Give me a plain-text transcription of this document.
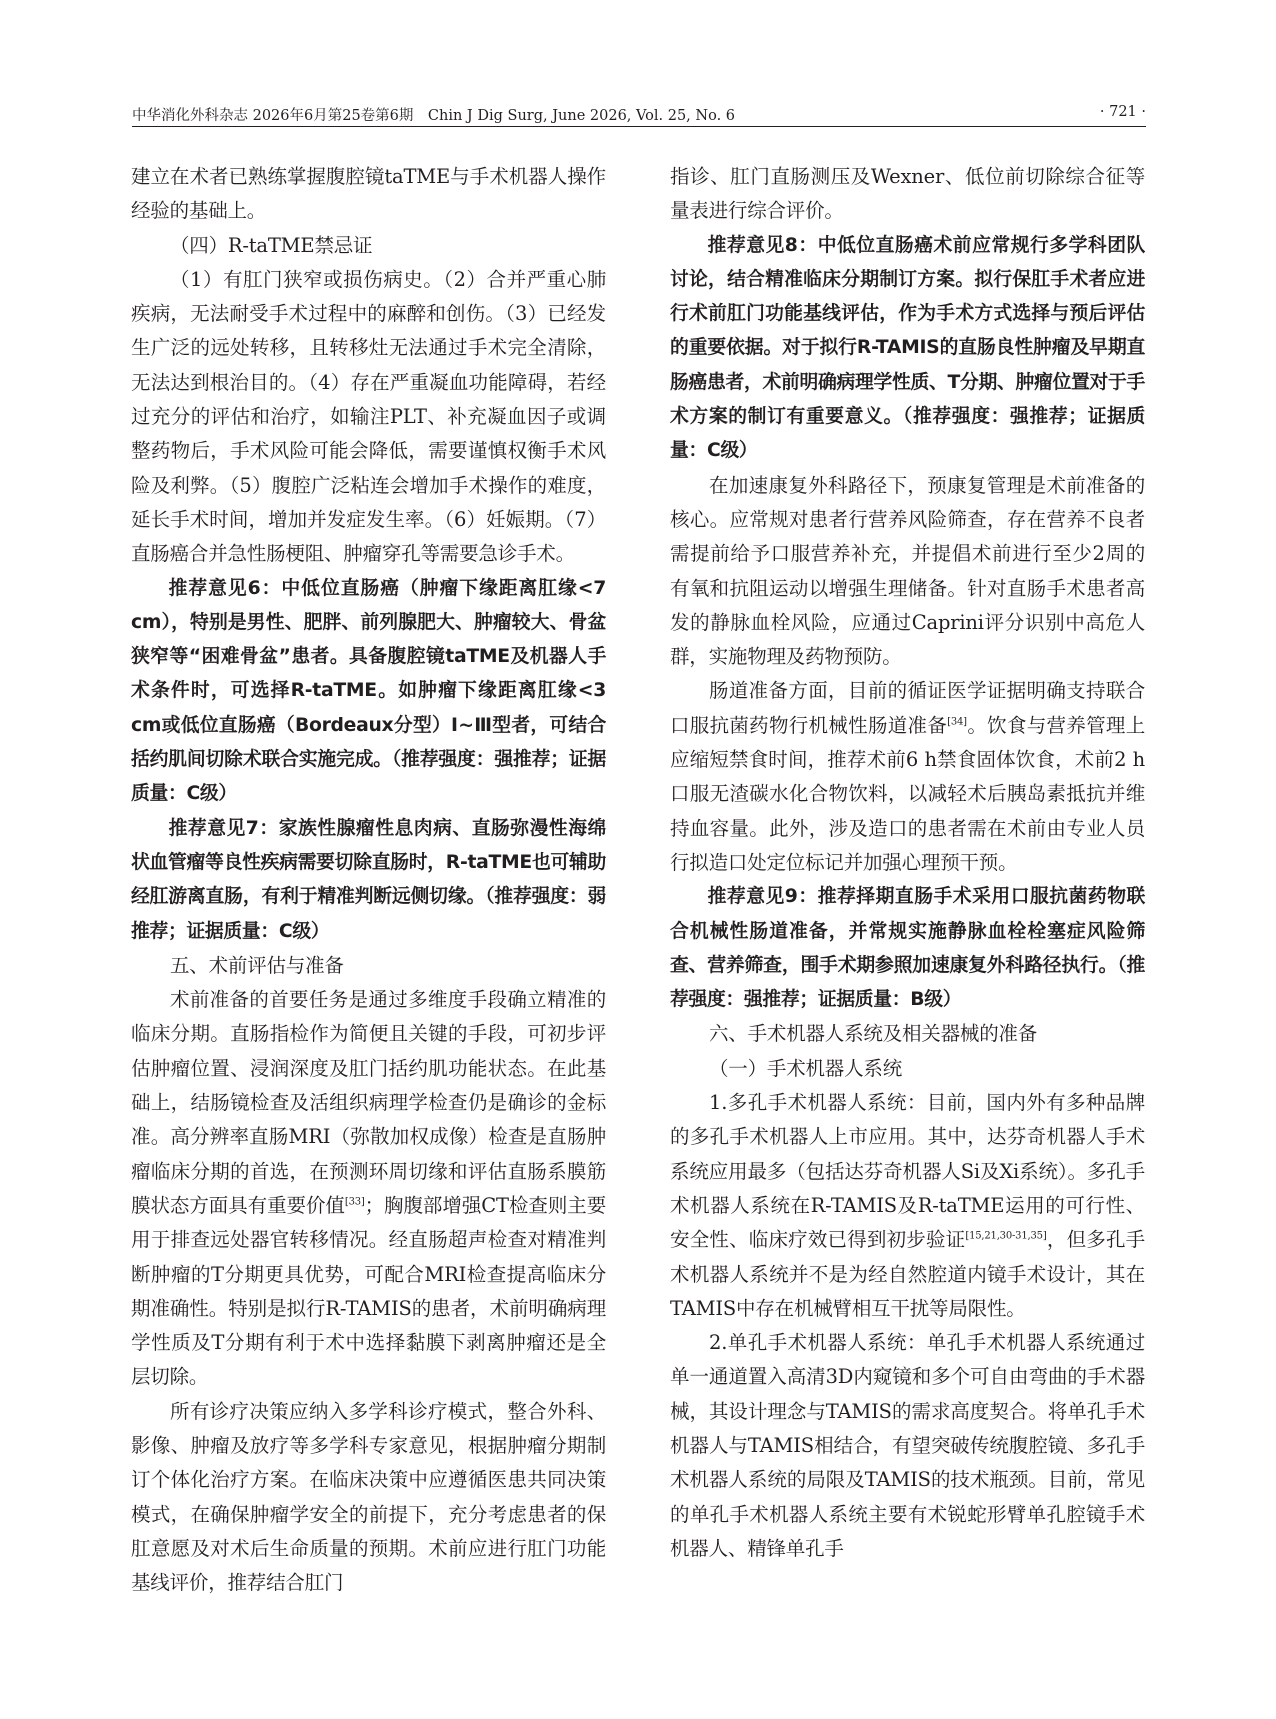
中华消化外科杂志 2026年6月第25卷第6期　Chin J Dig Surg, June 2026, Vol. 25, No. 6	· 721 ·

建立在术者已熟练掌握腹腔镜taTME与手术机器人操作经验的基础上。

（四）R-taTME禁忌证

（1）有肛门狭窄或损伤病史。（2）合并严重心肺疾病，无法耐受手术过程中的麻醉和创伤。（3）已经发生广泛的远处转移，且转移灶无法通过手术完全清除，无法达到根治目的。（4）存在严重凝血功能障碍，若经过充分的评估和治疗，如输注PLT、补充凝血因子或调整药物后，手术风险可能会降低，需要谨慎权衡手术风险及利弊。（5）腹腔广泛粘连会增加手术操作的难度，延长手术时间，增加并发症发生率。（6）妊娠期。（7）直肠癌合并急性肠梗阻、肿瘤穿孔等需要急诊手术。

推荐意见6：中低位直肠癌（肿瘤下缘距离肛缘<7 cm），特别是男性、肥胖、前列腺肥大、肿瘤较大、骨盆狭窄等“困难骨盆”患者。具备腹腔镜taTME及机器人手术条件时，可选择R-taTME。如肿瘤下缘距离肛缘<3 cm或低位直肠癌（Bordeaux分型）Ⅰ~Ⅲ型者，可结合括约肌间切除术联合实施完成。（推荐强度：强推荐；证据质量：C级）

推荐意见7：家族性腺瘤性息肉病、直肠弥漫性海绵状血管瘤等良性疾病需要切除直肠时，R-taTME也可辅助经肛游离直肠，有利于精准判断远侧切缘。（推荐强度：弱推荐；证据质量：C级）

五、术前评估与准备

术前准备的首要任务是通过多维度手段确立精准的临床分期。直肠指检作为简便且关键的手段，可初步评估肿瘤位置、浸润深度及肛门括约肌功能状态。在此基础上，结肠镜检查及活组织病理学检查仍是确诊的金标准。高分辨率直肠MRI（弥散加权成像）检查是直肠肿瘤临床分期的首选，在预测环周切缘和评估直肠系膜筋膜状态方面具有重要价值[33]；胸腹部增强CT检查则主要用于排查远处器官转移情况。经直肠超声检查对精准判断肿瘤的T分期更具优势，可配合MRI检查提高临床分期准确性。特别是拟行R-TAMIS的患者，术前明确病理学性质及T分期有利于术中选择黏膜下剥离肿瘤还是全层切除。

所有诊疗决策应纳入多学科诊疗模式，整合外科、影像、肿瘤及放疗等多学科专家意见，根据肿瘤分期制订个体化治疗方案。在临床决策中应遵循医患共同决策模式，在确保肿瘤学安全的前提下，充分考虑患者的保肛意愿及对术后生命质量的预期。术前应进行肛门功能基线评价，推荐结合肛门

指诊、肛门直肠测压及Wexner、低位前切除综合征等量表进行综合评价。

推荐意见8：中低位直肠癌术前应常规行多学科团队讨论，结合精准临床分期制订方案。拟行保肛手术者应进行术前肛门功能基线评估，作为手术方式选择与预后评估的重要依据。对于拟行R-TAMIS的直肠良性肿瘤及早期直肠癌患者，术前明确病理学性质、T分期、肿瘤位置对于手术方案的制订有重要意义。（推荐强度：强推荐；证据质量：C级）

在加速康复外科路径下，预康复管理是术前准备的核心。应常规对患者行营养风险筛查，存在营养不良者需提前给予口服营养补充，并提倡术前进行至少2周的有氧和抗阻运动以增强生理储备。针对直肠手术患者高发的静脉血栓风险，应通过Caprini评分识别中高危人群，实施物理及药物预防。

肠道准备方面，目前的循证医学证据明确支持联合口服抗菌药物行机械性肠道准备[34]。饮食与营养管理上应缩短禁食时间，推荐术前6 h禁食固体饮食，术前2 h口服无渣碳水化合物饮料，以减轻术后胰岛素抵抗并维持血容量。此外，涉及造口的患者需在术前由专业人员行拟造口处定位标记并加强心理预干预。

推荐意见9：推荐择期直肠手术采用口服抗菌药物联合机械性肠道准备，并常规实施静脉血栓栓塞症风险筛查、营养筛查，围手术期参照加速康复外科路径执行。（推荐强度：强推荐；证据质量：B级）

六、手术机器人系统及相关器械的准备

（一）手术机器人系统

1.多孔手术机器人系统：目前，国内外有多种品牌的多孔手术机器人上市应用。其中，达芬奇机器人手术系统应用最多（包括达芬奇机器人Si及Xi系统）。多孔手术机器人系统在R-TAMIS及R-taTME运用的可行性、安全性、临床疗效已得到初步验证[15,21,30-31,35]，但多孔手术机器人系统并不是为经自然腔道内镜手术设计，其在TAMIS中存在机械臂相互干扰等局限性。

2.单孔手术机器人系统：单孔手术机器人系统通过单一通道置入高清3D内窥镜和多个可自由弯曲的手术器械，其设计理念与TAMIS的需求高度契合。将单孔手术机器人与TAMIS相结合，有望突破传统腹腔镜、多孔手术机器人系统的局限及TAMIS的技术瓶颈。目前，常见的单孔手术机器人系统主要有术锐蛇形臂单孔腔镜手术机器人、精锋单孔手
